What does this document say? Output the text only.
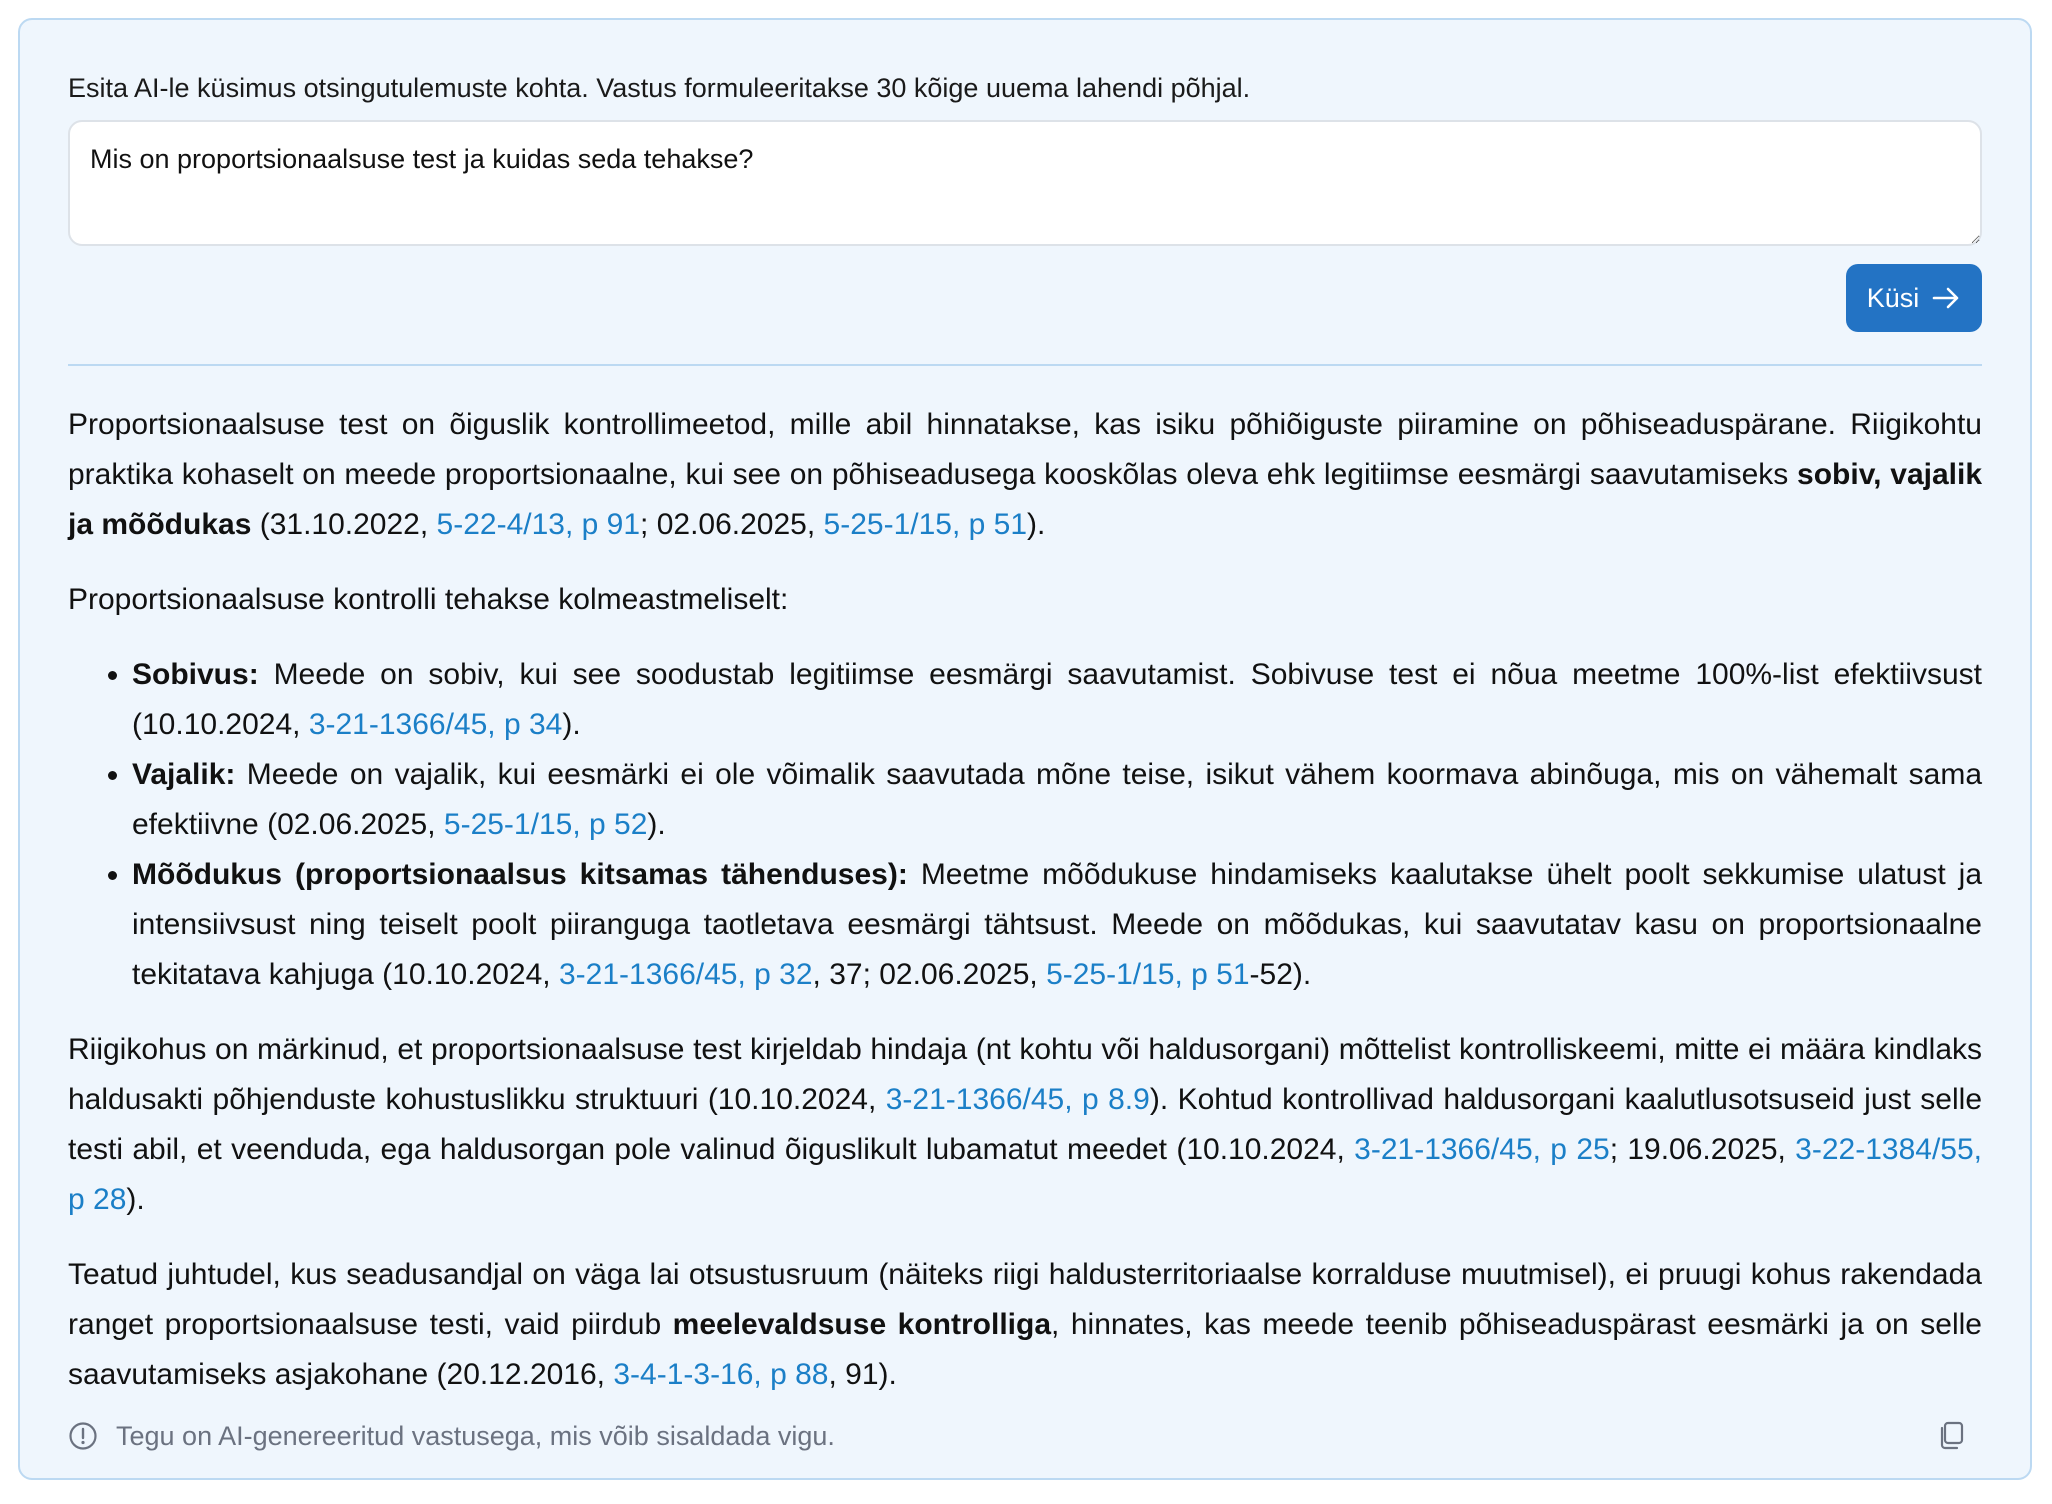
Esita AI-le küsimus otsingutulemuste kohta. Vastus formuleeritakse 30 kõige uuema lahendi põhjal.
Mis on proportsionaalsuse test ja kuidas seda tehakse?
Küsi

Proportsionaalsuse test on õiguslik kontrollimeetod, mille abil hinnatakse, kas isiku põhiõiguste piiramine on põhiseaduspärane. Riigikohtu praktika kohaselt on meede proportsionaalne, kui see on põhiseadusega kooskõlas oleva ehk legitiimse eesmärgi saavutamiseks sobiv, vajalik ja mõõdukas (31.10.2022, 5-22-4/13, p 91; 02.06.2025, 5-25-1/15, p 51).

Proportsionaalsuse kontrolli tehakse kolmeastmeliselt:

• Sobivus: Meede on sobiv, kui see soodustab legitiimse eesmärgi saavutamist. Sobivuse test ei nõua meetme 100%-list efektiivsust (10.10.2024, 3-21-1366/45, p 34).
• Vajalik: Meede on vajalik, kui eesmärki ei ole võimalik saavutada mõne teise, isikut vähem koormava abinõuga, mis on vähemalt sama efektiivne (02.06.2025, 5-25-1/15, p 52).
• Mõõdukus (proportsionaalsus kitsamas tähenduses): Meetme mõõdukuse hindamiseks kaalutakse ühelt poolt sekkumise ulatust ja intensiivsust ning teiselt poolt piiranguga taotletava eesmärgi tähtsust. Meede on mõõdukas, kui saavutatav kasu on proportsionaalne tekitatava kahjuga (10.10.2024, 3-21-1366/45, p 32, 37; 02.06.2025, 5-25-1/15, p 51-52).

Riigikohus on märkinud, et proportsionaalsuse test kirjeldab hindaja (nt kohtu või haldusorgani) mõttelist kontrolliskeemi, mitte ei määra kindlaks haldusakti põhjenduste kohustuslikku struktuuri (10.10.2024, 3-21-1366/45, p 8.9). Kohtud kontrollivad haldusorgani kaalutlusotsuseid just selle testi abil, et veenduda, ega haldusorgan pole valinud õiguslikult lubamatut meedet (10.10.2024, 3-21-1366/45, p 25; 19.06.2025, 3-22-1384/55, p 28).

Teatud juhtudel, kus seadusandjal on väga lai otsustusruum (näiteks riigi haldusterritoriaalse korralduse muutmisel), ei pruugi kohus rakendada ranget proportsionaalsuse testi, vaid piirdub meelevaldsuse kontrolliga, hinnates, kas meede teenib põhiseaduspärast eesmärki ja on selle saavutamiseks asjakohane (20.12.2016, 3-4-1-3-16, p 88, 91).

Tegu on AI-genereeritud vastusega, mis võib sisaldada vigu.
